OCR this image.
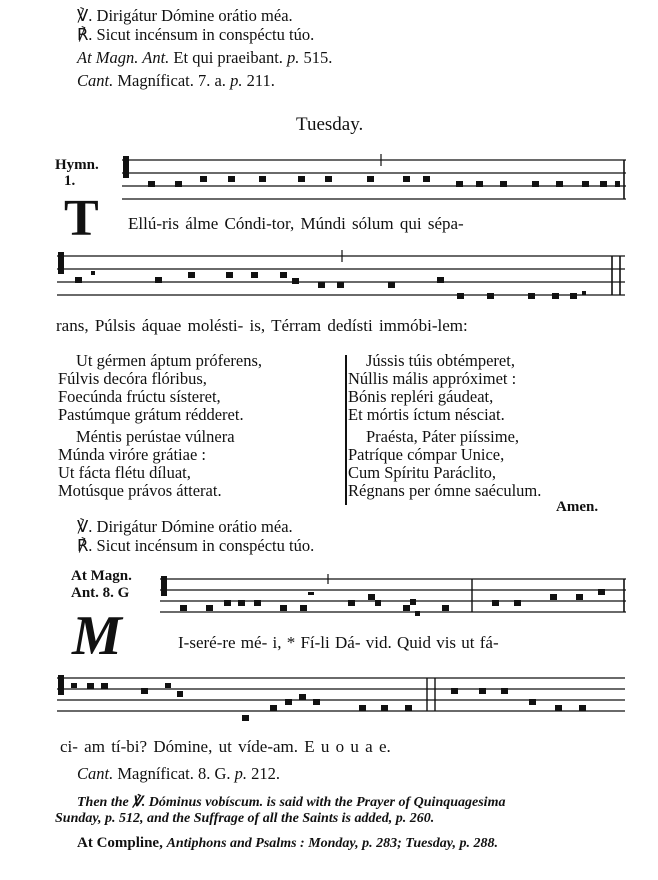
℣. Dirigátur Dómine orátio méa.
℟. Sicut incénsum in conspéctu túo.
At Magn. Ant. Et qui praeibant. p. 515.
Cant. Magníficat. 7. a. p. 211.
Tuesday.
Hymn.
1.
T Ellú-ris álme Cóndi-tor, Múndi sólum qui sépa-
rans, Púlsis áquae molésti- is, Térram dedísti immóbi-lem:
Ut gérmen áptum próferens,
Fúlvis decóra flóribus,
Foecúnda frúctu sísteret,
Pastúmque grátum rédderet.
Méntis perústae vúlnera
Múnda viróre grátiae :
Ut fácta flétu díluat,
Motúsque právos átterat.
Jússis túis obtémperet,
Núllis mális appróximet :
Bónis repléri gáudeat,
Et mórtis íctum nésciat.
Praésta, Páter piíssime,
Patríque cómpar Unice,
Cum Spíritu Paráclito,
Régnans per ómne saéculum.
Amen.
℣. Dirigátur Dómine orátio méa.
℟. Sicut incénsum in conspéctu túo.
At Magn.
Ant. 8. G
M	I-seré-re mé- i, * Fí-li Dá- vid. Quid vis ut fá-
ci- am tí-bi? Dómine, ut víde-am. E u o u a e.
Cant. Magníficat. 8. G. p. 212.
Then the ℣. Dóminus vobíscum. is said with the Prayer of Quinquagesima
Sunday, p. 512, and the Suffrage of all the Saints is added, p. 260.
At Compline, Antiphons and Psalms : Monday, p. 283; Tuesday, p. 288.
